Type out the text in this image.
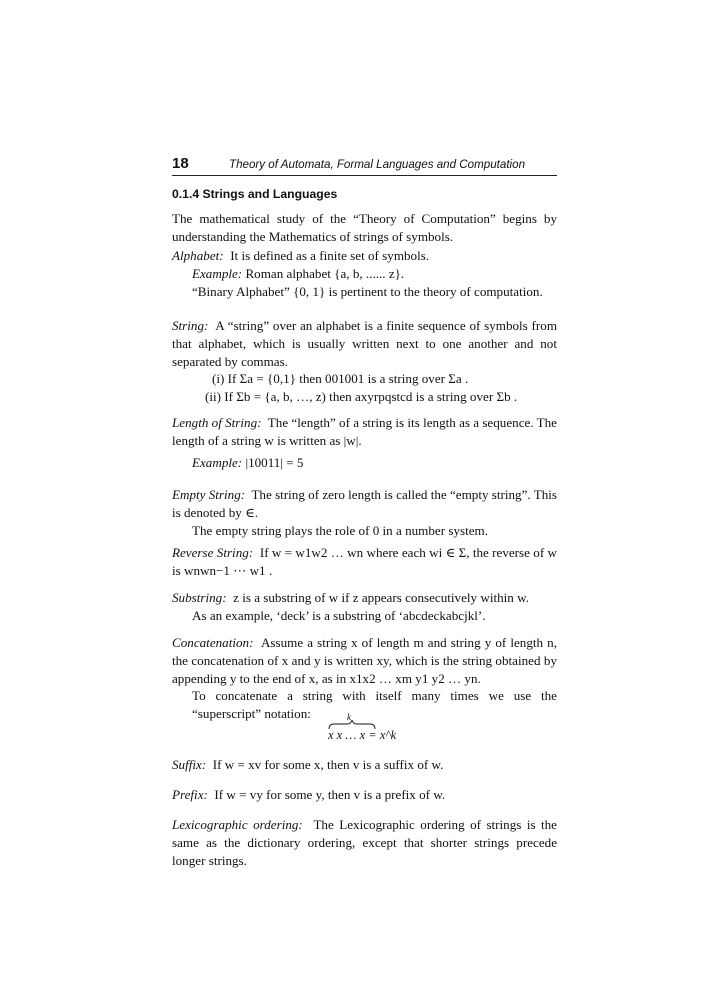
18	Theory of Automata, Formal Languages and Computation
0.1.4 Strings and Languages

The mathematical study of the “Theory of Computation” begins by understanding the Mathematics of strings of symbols.

Alphabet: It is defined as a finite set of symbols.

Example: Roman alphabet {a, b, ...... z}.

“Binary Alphabet” {0, 1} is pertinent to the theory of computation.

String: A “string” over an alphabet is a finite sequence of symbols from that alphabet, which is usually written next to one another and not separated by commas.

(i) If Σa = {0,1} then 001001 is a string over Σa .

(ii) If Σb = {a, b, …, z) then axyrpqstcd is a string over Σb .

Length of String: The “length” of a string is its length as a sequence. The length of a string w is written as |w|.

Example: |10011| = 5

Empty String: The string of zero length is called the “empty string”. This is denoted by ∈.

The empty string plays the role of 0 in a number system.

Reverse String: If w = w1w2 … wn where each wi ∈ Σ, the reverse of w is wnwn−1 ⋯ w1 .

Substring: z is a substring of w if z appears consecutively within w.

As an example, ‘deck’ is a substring of ‘abcdeckabcjkl’.

Concatenation: Assume a string x of length m and string y of length n, the concatenation of x and y is written xy, which is the string obtained by appending y to the end of x, as in x1x2 … xm y1 y2 … yn.

To concatenate a string with itself many times we use the “superscript” notation:	k
x x … x = x^k

Suffix: If w = xv for some x, then v is a suffix of w.

Prefix: If w = vy for some y, then v is a prefix of w.

Lexicographic ordering: The Lexicographic ordering of strings is the same as the dictionary ordering, except that shorter strings precede longer strings.
